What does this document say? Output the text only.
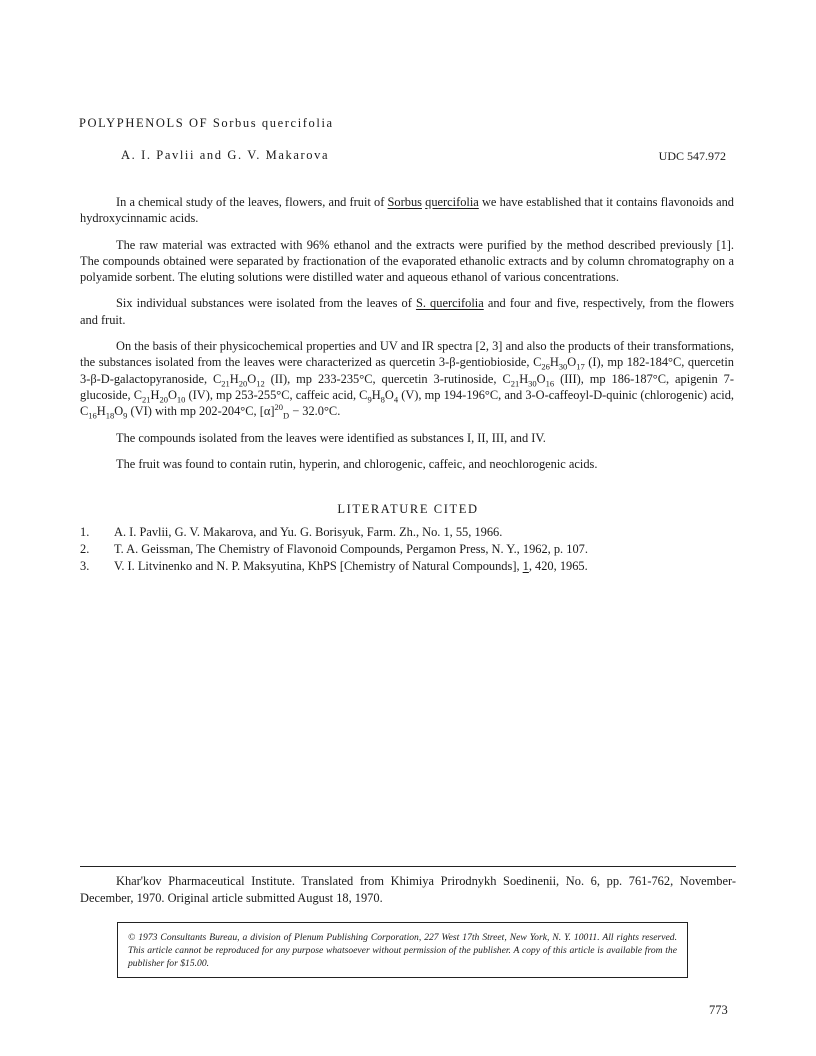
POLYPHENOLS OF Sorbus quercifolia
A. I. Pavlii and G. V. Makarova	UDC 547.972

In a chemical study of the leaves, flowers, and fruit of Sorbus quercifolia we have established that it contains flavonoids and hydroxycinnamic acids.

The raw material was extracted with 96% ethanol and the extracts were purified by the method described previously [1]. The compounds obtained were separated by fractionation of the evaporated ethanolic extracts and by column chromatography on a polyamide sorbent. The eluting solutions were distilled water and aqueous ethanol of various concentrations.

Six individual substances were isolated from the leaves of S. quercifolia and four and five, respectively, from the flowers and fruit.

On the basis of their physicochemical properties and UV and IR spectra [2, 3] and also the products of their transformations, the substances isolated from the leaves were characterized as quercetin 3-β-gentiobioside, $C_{26}H_{30}O_{17}$ (I), mp 182-184°C, quercetin 3-β-D-galactopyranoside, $C_{21}H_{20}O_{12}$ (II), mp 233-235°C, quercetin 3-rutinoside, $C_{21}H_{30}O_{16}$ (III), mp 186-187°C, apigenin 7-glucoside, $C_{21}H_{20}O_{10}$ (IV), mp 253-255°C, caffeic acid, $C_9H_8O_4$ (V), mp 194-196°C, and 3-O-caffeoyl-D-quinic (chlorogenic) acid, $C_{16}H_{18}O_9$ (VI) with mp 202-204°C, $[\alpha]^{20}_D - 32.0^\circ C$.

The compounds isolated from the leaves were identified as substances I, II, III, and IV.

The fruit was found to contain rutin, hyperin, and chlorogenic, caffeic, and neochlorogenic acids.

LITERATURE CITED
1.	A. I. Pavlii, G. V. Makarova, and Yu. G. Borisyuk, Farm. Zh., No. 1, 55, 1966.
2.	T. A. Geissman, The Chemistry of Flavonoid Compounds, Pergamon Press, N. Y., 1962, p. 107.
3.	V. I. Litvinenko and N. P. Maksyutina, KhPS [Chemistry of Natural Compounds], 1, 420, 1965.
Khar'kov Pharmaceutical Institute. Translated from Khimiya Prirodnykh Soedinenii, No. 6, pp. 761-762, November-December, 1970. Original article submitted August 18, 1970.
© 1973 Consultants Bureau, a division of Plenum Publishing Corporation, 227 West 17th Street, New York, N. Y. 10011. All rights reserved. This article cannot be reproduced for any purpose whatsoever without permission of the publisher. A copy of this article is available from the publisher for $15.00.
773
